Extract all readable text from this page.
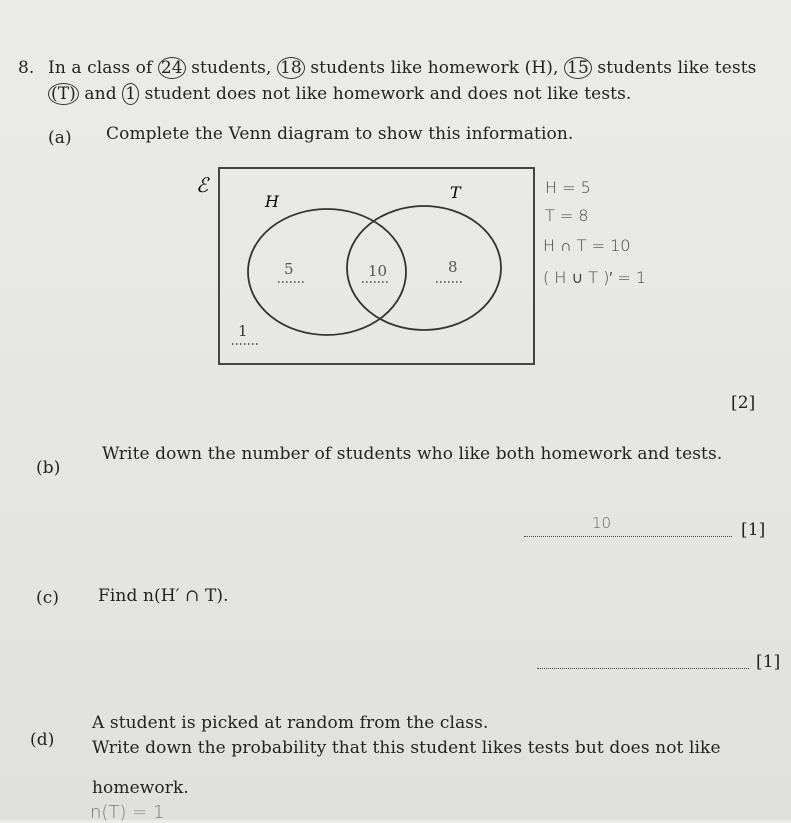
8. In a class of 24 students, 18 students like homework (H), 15 students like tests
(T) and 1 student does not like homework and does not like tests.
(a) Complete the Venn diagram to show this information.
ℰ
H	T
5	10	8
1
H = 5
T = 8
H ∩ T = 10
( H ∪ T )′ = 1
[2]
(b)
Write down the number of students who like both homework and tests.
10	[1]
(c) Find n(H′ ∩ T).
[1]
(d)
A student is picked at random from the class.
Write down the probability that this student likes tests but does not like
homework.
n(T) = 1
